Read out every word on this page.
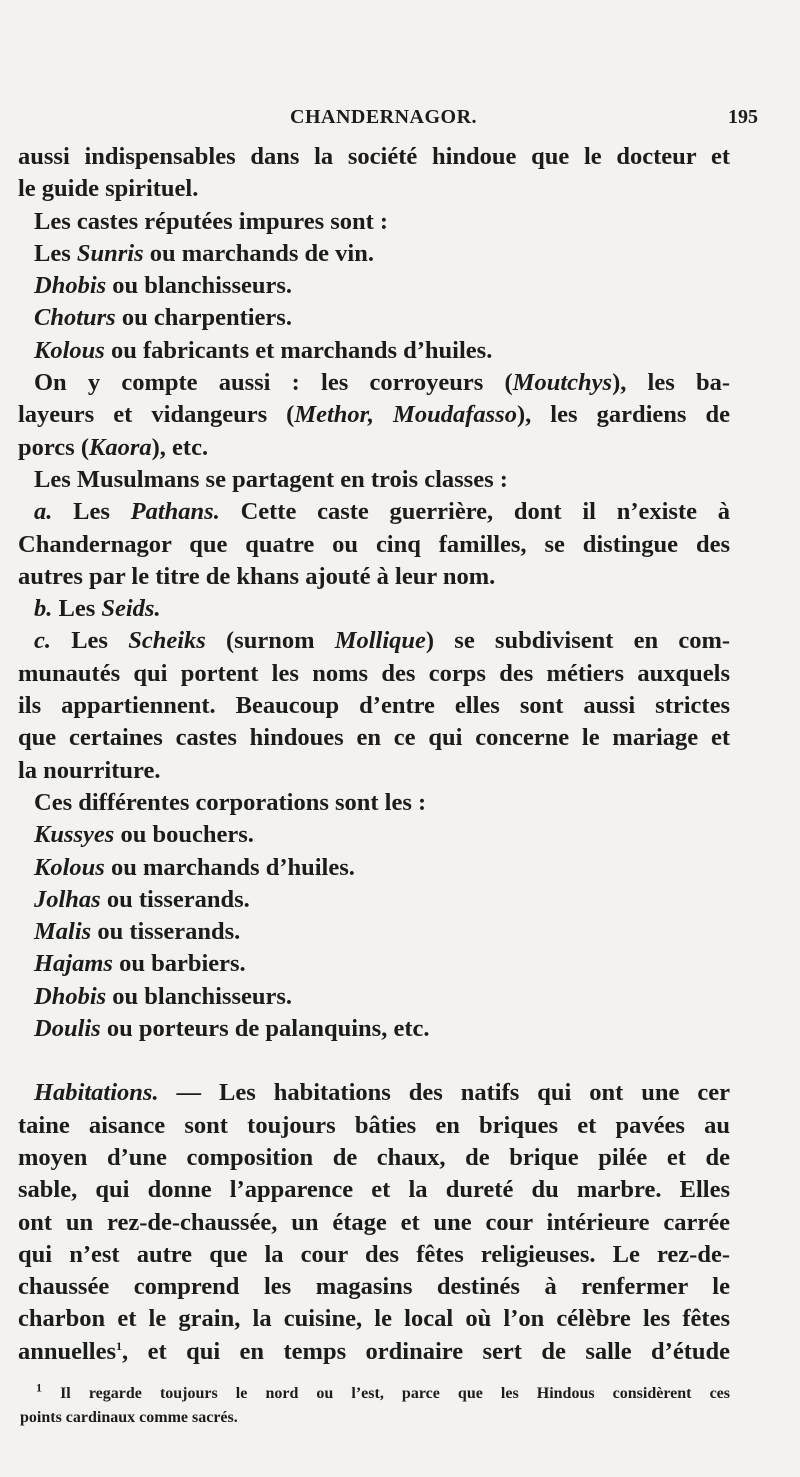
CHANDERNAGOR.	195
aussi indispensables dans la société hindoue que le docteur et
le guide spirituel.
Les castes réputées impures sont :
Les Sunris ou marchands de vin.
Dhobis ou blanchisseurs.
Choturs ou charpentiers.
Kolous ou fabricants et marchands d’huiles.
On y compte aussi : les corroyeurs (Moutchys), les ba-
layeurs et vidangeurs (Methor, Moudafasso), les gardiens de
porcs (Kaora), etc.
Les Musulmans se partagent en trois classes :
a. Les Pathans. Cette caste guerrière, dont il n’existe à
Chandernagor que quatre ou cinq familles, se distingue des
autres par le titre de khans ajouté à leur nom.
b. Les Seids.
c. Les Scheiks (surnom Mollique) se subdivisent en com-
munautés qui portent les noms des corps des métiers auxquels
ils appartiennent. Beaucoup d’entre elles sont aussi strictes
que certaines castes hindoues en ce qui concerne le mariage et
la nourriture.
Ces différentes corporations sont les :
Kussyes ou bouchers.
Kolous ou marchands d’huiles.
Jolhas ou tisserands.
Malis ou tisserands.
Hajams ou barbiers.
Dhobis ou blanchisseurs.
Doulis ou porteurs de palanquins, etc.
Habitations. — Les habitations des natifs qui ont une cer
taine aisance sont toujours bâties en briques et pavées au
moyen d’une composition de chaux, de brique pilée et de
sable, qui donne l’apparence et la dureté du marbre. Elles
ont un rez-de-chaussée, un étage et une cour intérieure carrée
qui n’est autre que la cour des fêtes religieuses. Le rez-de-
chaussée comprend les magasins destinés à renfermer le
charbon et le grain, la cuisine, le local où l’on célèbre les fêtes
annuelles$^1$, et qui en temps ordinaire sert de salle d’étude
$^1$ Il regarde toujours le nord ou l’est, parce que les Hindous considèrent ces
points cardinaux comme sacrés.
